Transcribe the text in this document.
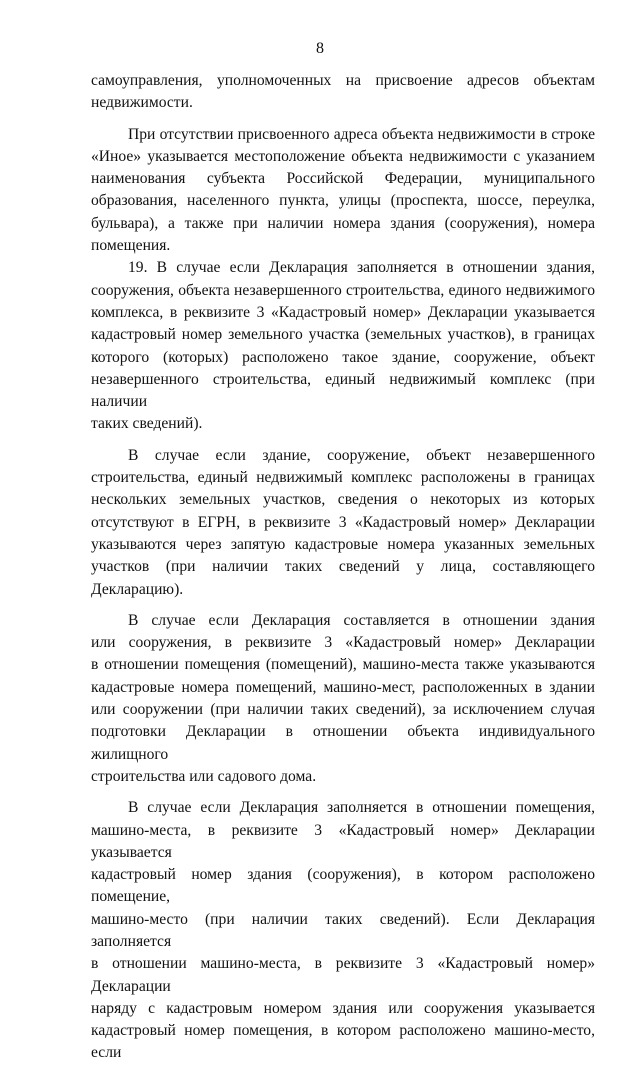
8
самоуправления, уполномоченных на присвоение адресов объектам
недвижимости.
При отсутствии присвоенного адреса объекта недвижимости в строке
«Иное» указывается местоположение объекта недвижимости с указанием
наименования субъекта Российской Федерации, муниципального
образования, населенного пункта, улицы (проспекта, шоссе, переулка,
бульвара), а также при наличии номера здания (сооружения), номера
помещения.
19. В случае если Декларация заполняется в отношении здания,
сооружения, объекта незавершенного строительства, единого недвижимого
комплекса, в реквизите 3 «Кадастровый номер» Декларации указывается
кадастровый номер земельного участка (земельных участков), в границах
которого (которых) расположено такое здание, сооружение, объект
незавершенного строительства, единый недвижимый комплекс (при наличии
таких сведений).
В случае если здание, сооружение, объект незавершенного
строительства, единый недвижимый комплекс расположены в границах
нескольких земельных участков, сведения о некоторых из которых
отсутствуют в ЕГРН, в реквизите 3 «Кадастровый номер» Декларации
указываются через запятую кадастровые номера указанных земельных
участков (при наличии таких сведений у лица, составляющего Декларацию).
В случае если Декларация составляется в отношении здания
или сооружения, в реквизите 3 «Кадастровый номер» Декларации
в отношении помещения (помещений), машино-места также указываются
кадастровые номера помещений, машино-мест, расположенных в здании
или сооружении (при наличии таких сведений), за исключением случая
подготовки Декларации в отношении объекта индивидуального жилищного
строительства или садового дома.
В случае если Декларация заполняется в отношении помещения,
машино-места, в реквизите 3 «Кадастровый номер» Декларации указывается
кадастровый номер здания (сооружения), в котором расположено помещение,
машино-место (при наличии таких сведений). Если Декларация заполняется
в отношении машино-места, в реквизите 3 «Кадастровый номер» Декларации
наряду с кадастровым номером здания или сооружения указывается
кадастровый номер помещения, в котором расположено машино-место, если
